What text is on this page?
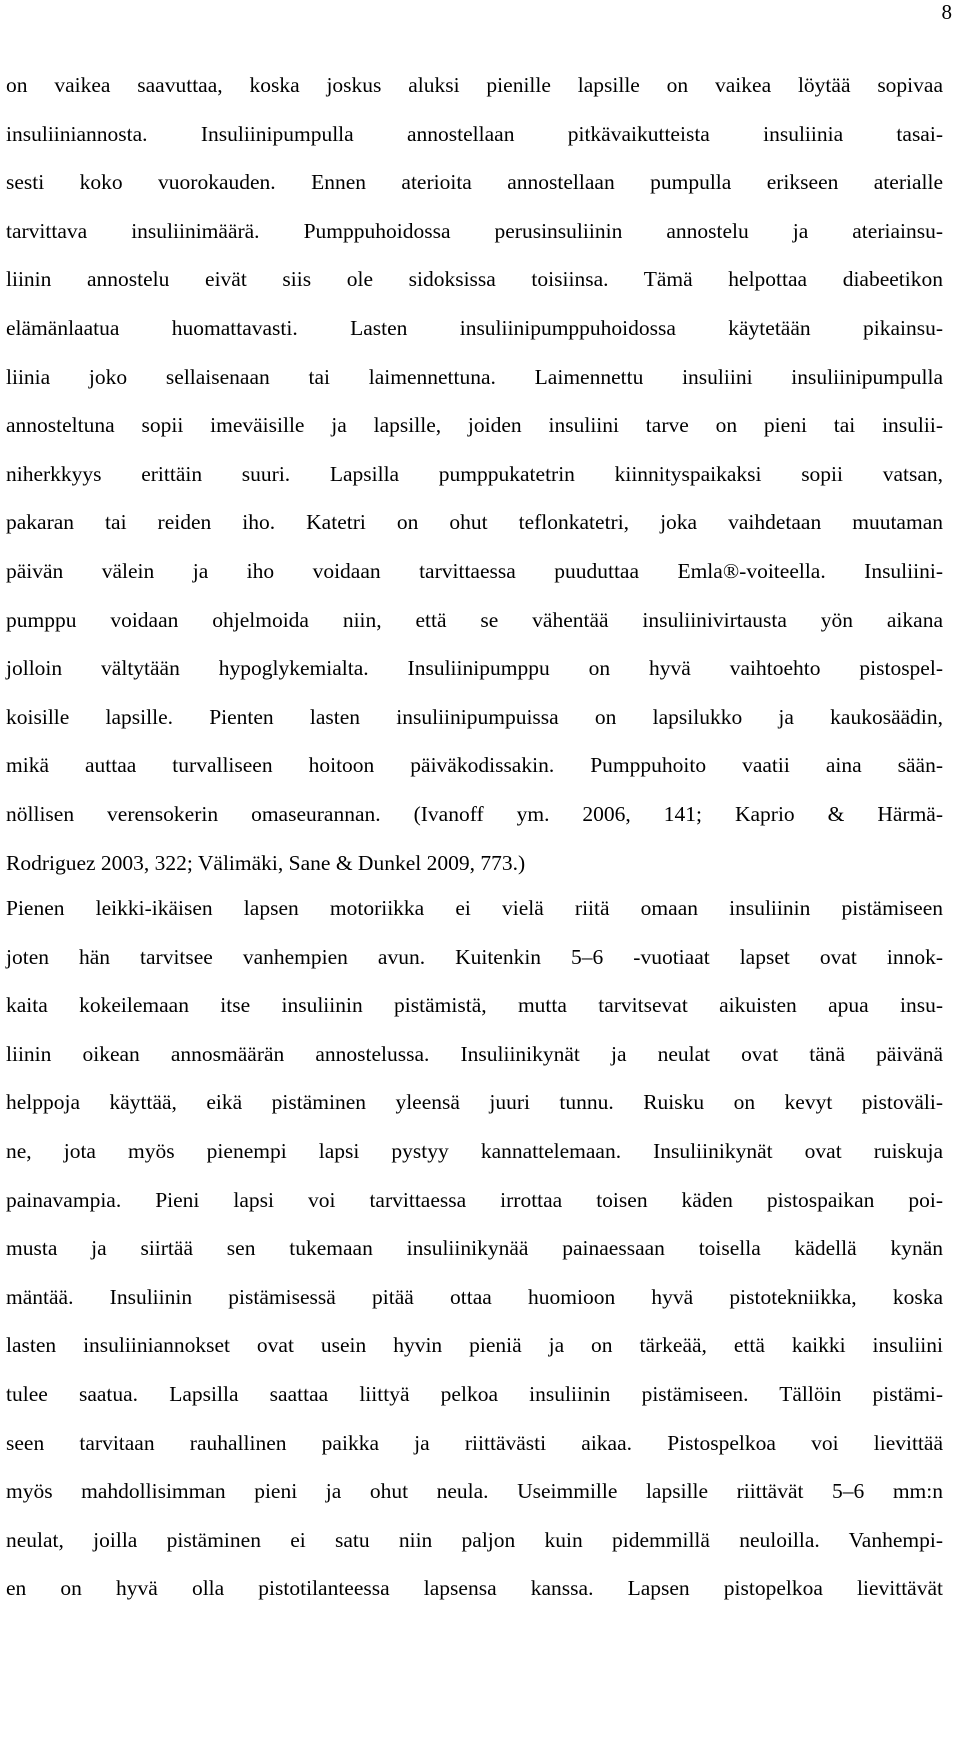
8
on vaikea saavuttaa, koska joskus aluksi pienille lapsille on vaikea löytää sopivaa
insuliiniannosta. Insuliinipumpulla annostellaan pitkävaikutteista insuliinia tasai-
sesti koko vuorokauden. Ennen aterioita annostellaan pumpulla erikseen aterialle
tarvittava insuliinimäärä. Pumppuhoidossa perusinsuliinin annostelu ja ateriainsu-
liinin annostelu eivät siis ole sidoksissa toisiinsa. Tämä helpottaa diabeetikon
elämänlaatua huomattavasti. Lasten insuliinipumppuhoidossa käytetään pikainsu-
liinia joko sellaisenaan tai laimennettuna. Laimennettu insuliini insuliinipumpulla
annosteltuna sopii imeväisille ja lapsille, joiden insuliini tarve on pieni tai insulii-
niherkkyys erittäin suuri. Lapsilla pumppukatetrin kiinnityspaikaksi sopii vatsan,
pakaran tai reiden iho. Katetri on ohut teflonkatetri, joka vaihdetaan muutaman
päivän välein ja iho voidaan tarvittaessa puuduttaa Emla®-voiteella. Insuliini-
pumppu voidaan ohjelmoida niin, että se vähentää insuliinivirtausta yön aikana
jolloin vältytään hypoglykemialta. Insuliinipumppu on hyvä vaihtoehto pistospel-
koisille lapsille. Pienten lasten insuliinipumpuissa on lapsilukko ja kaukosäädin,
mikä auttaa turvalliseen hoitoon päiväkodissakin. Pumppuhoito vaatii aina sään-
nöllisen verensokerin omaseurannan. (Ivanoff ym. 2006, 141; Kaprio & Härmä-
Rodriguez 2003, 322; Välimäki, Sane & Dunkel 2009, 773.)
Pienen leikki-ikäisen lapsen motoriikka ei vielä riitä omaan insuliinin pistämiseen
joten hän tarvitsee vanhempien avun. Kuitenkin 5–6 -vuotiaat lapset ovat innok-
kaita kokeilemaan itse insuliinin pistämistä, mutta tarvitsevat aikuisten apua insu-
liinin oikean annosmäärän annostelussa. Insuliinikynät ja neulat ovat tänä päivänä
helppoja käyttää, eikä pistäminen yleensä juuri tunnu. Ruisku on kevyt pistoväli-
ne, jota myös pienempi lapsi pystyy kannattelemaan. Insuliinikynät ovat ruiskuja
painavampia. Pieni lapsi voi tarvittaessa irrottaa toisen käden pistospaikan poi-
musta ja siirtää sen tukemaan insuliinikynää painaessaan toisella kädellä kynän
mäntää. Insuliinin pistämisessä pitää ottaa huomioon hyvä pistotekniikka, koska
lasten insuliiniannokset ovat usein hyvin pieniä ja on tärkeää, että kaikki insuliini
tulee saatua. Lapsilla saattaa liittyä pelkoa insuliinin pistämiseen. Tällöin pistämi-
seen tarvitaan rauhallinen paikka ja riittävästi aikaa. Pistospelkoa voi lievittää
myös mahdollisimman pieni ja ohut neula. Useimmille lapsille riittävät 5–6 mm:n
neulat, joilla pistäminen ei satu niin paljon kuin pidemmillä neuloilla. Vanhempi-
en on hyvä olla pistotilanteessa lapsensa kanssa. Lapsen pistopelkoa lievittävät
